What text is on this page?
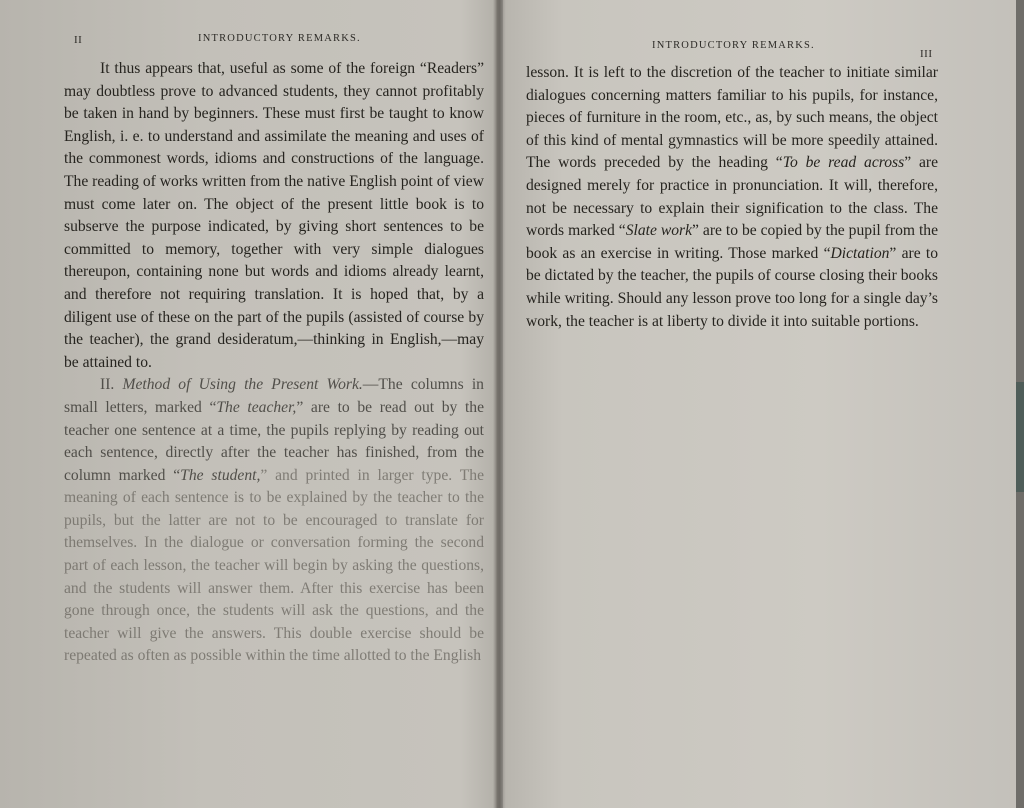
II	INTRODUCTORY REMARKS.

It thus appears that, useful as some of the foreign “Readers” may doubtless prove to advanced students, they cannot profitably be taken in hand by beginners. These must first be taught to know English, i. e. to understand and assimilate the meaning and uses of the commonest words, idioms and constructions of the language. The reading of works written from the native English point of view must come later on. The object of the present little book is to subserve the purpose indicated, by giving short sentences to be committed to memory, together with very simple dialogues thereupon, containing none but words and idioms already learnt, and therefore not requiring translation. It is hoped that, by a diligent use of these on the part of the pupils (assisted of course by the teacher), the grand desideratum,—thinking in English,—may be attained to.

II. Method of Using the Present Work.—The columns in small letters, marked “The teacher,” are to be read out by the teacher one sentence at a time, the pupils replying by reading out each sentence, directly after the teacher has finished, from the column marked “The student,” and printed in larger type. The meaning of each sentence is to be explained by the teacher to the pupils, but the latter are not to be encouraged to translate for themselves. In the dialogue or conversation forming the second part of each lesson, the teacher will begin by asking the questions, and the students will answer them. After this exercise has been gone through once, the students will ask the questions, and the teacher will give the answers. This double exercise should be repeated as often as possible within the time allotted to the English

INTRODUCTORY REMARKS.
III

lesson. It is left to the discretion of the teacher to initiate similar dialogues concerning matters familiar to his pupils, for instance, pieces of furniture in the room, etc., as, by such means, the object of this kind of mental gymnastics will be more speedily attained. The words preceded by the heading “To be read across” are designed merely for practice in pronunciation. It will, therefore, not be necessary to explain their signification to the class. The words marked “Slate work” are to be copied by the pupil from the book as an exercise in writing. Those marked “Dictation” are to be dictated by the teacher, the pupils of course closing their books while writing. Should any lesson prove too long for a single day’s work, the teacher is at liberty to divide it into suitable portions.
